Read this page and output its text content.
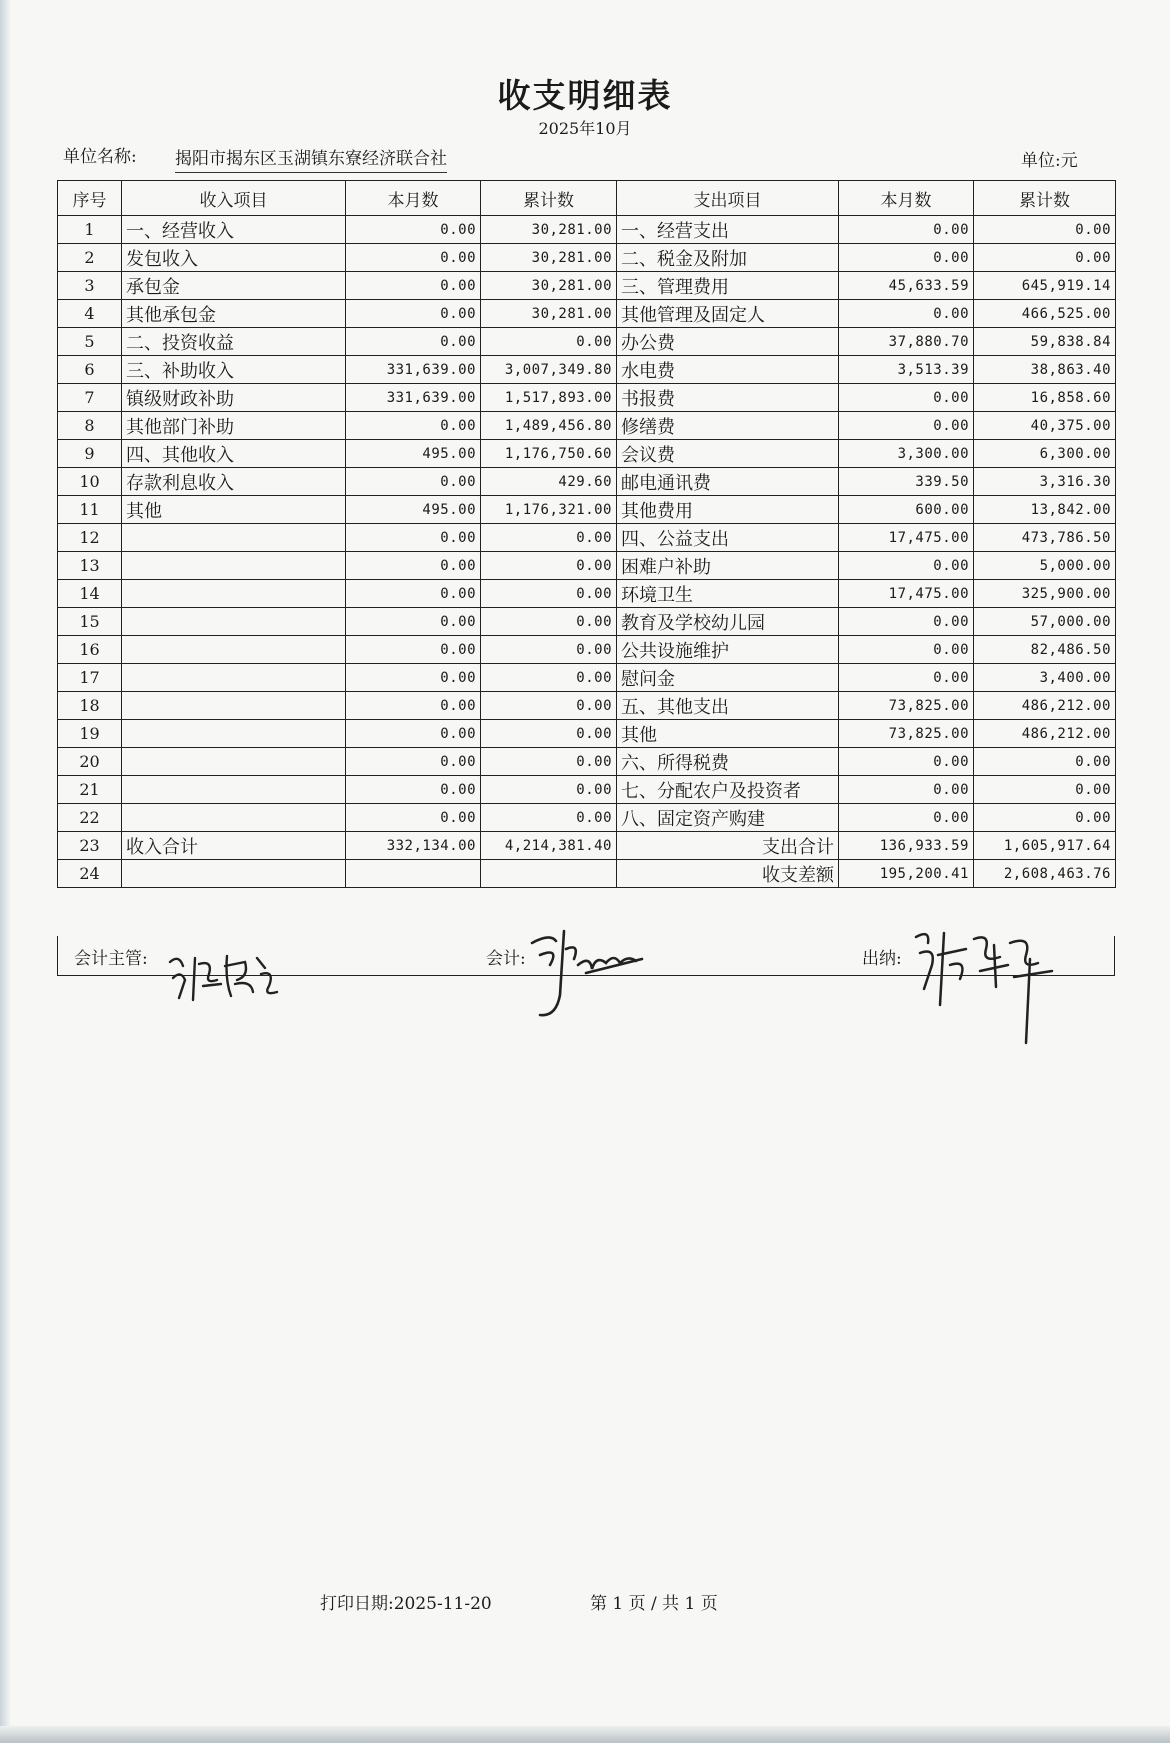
收支明细表
2025年10月
单位名称: 揭阳市揭东区玉湖镇东寮经济联合社	单位:元
序号	收入项目	本月数	累计数	支出项目	本月数	累计数
1	一、经营收入	0.00	30,281.00	一、经营支出	0.00	0.00
2	发包收入	0.00	30,281.00	二、税金及附加	0.00	0.00
3	承包金	0.00	30,281.00	三、管理费用	45,633.59	645,919.14
4	其他承包金	0.00	30,281.00	其他管理及固定人	0.00	466,525.00
5	二、投资收益	0.00	0.00	办公费	37,880.70	59,838.84
6	三、补助收入	331,639.00	3,007,349.80	水电费	3,513.39	38,863.40
7	镇级财政补助	331,639.00	1,517,893.00	书报费	0.00	16,858.60
8	其他部门补助	0.00	1,489,456.80	修缮费	0.00	40,375.00
9	四、其他收入	495.00	1,176,750.60	会议费	3,300.00	6,300.00
10	存款利息收入	0.00	429.60	邮电通讯费	339.50	3,316.30
11	其他	495.00	1,176,321.00	其他费用	600.00	13,842.00
12		0.00	0.00	四、公益支出	17,475.00	473,786.50
13		0.00	0.00	困难户补助	0.00	5,000.00
14		0.00	0.00	环境卫生	17,475.00	325,900.00
15		0.00	0.00	教育及学校幼儿园	0.00	57,000.00
16		0.00	0.00	公共设施维护	0.00	82,486.50
17		0.00	0.00	慰问金	0.00	3,400.00
18		0.00	0.00	五、其他支出	73,825.00	486,212.00
19		0.00	0.00	其他	73,825.00	486,212.00
20		0.00	0.00	六、所得税费	0.00	0.00
21		0.00	0.00	七、分配农户及投资者	0.00	0.00
22		0.00	0.00	八、固定资产购建	0.00	0.00
23	收入合计	332,134.00	4,214,381.40	支出合计	136,933.59	1,605,917.64
24				收支差额	195,200.41	2,608,463.76
会计主管:	会计:	出纳:
打印日期:2025-11-20	第 1 页 / 共 1 页
